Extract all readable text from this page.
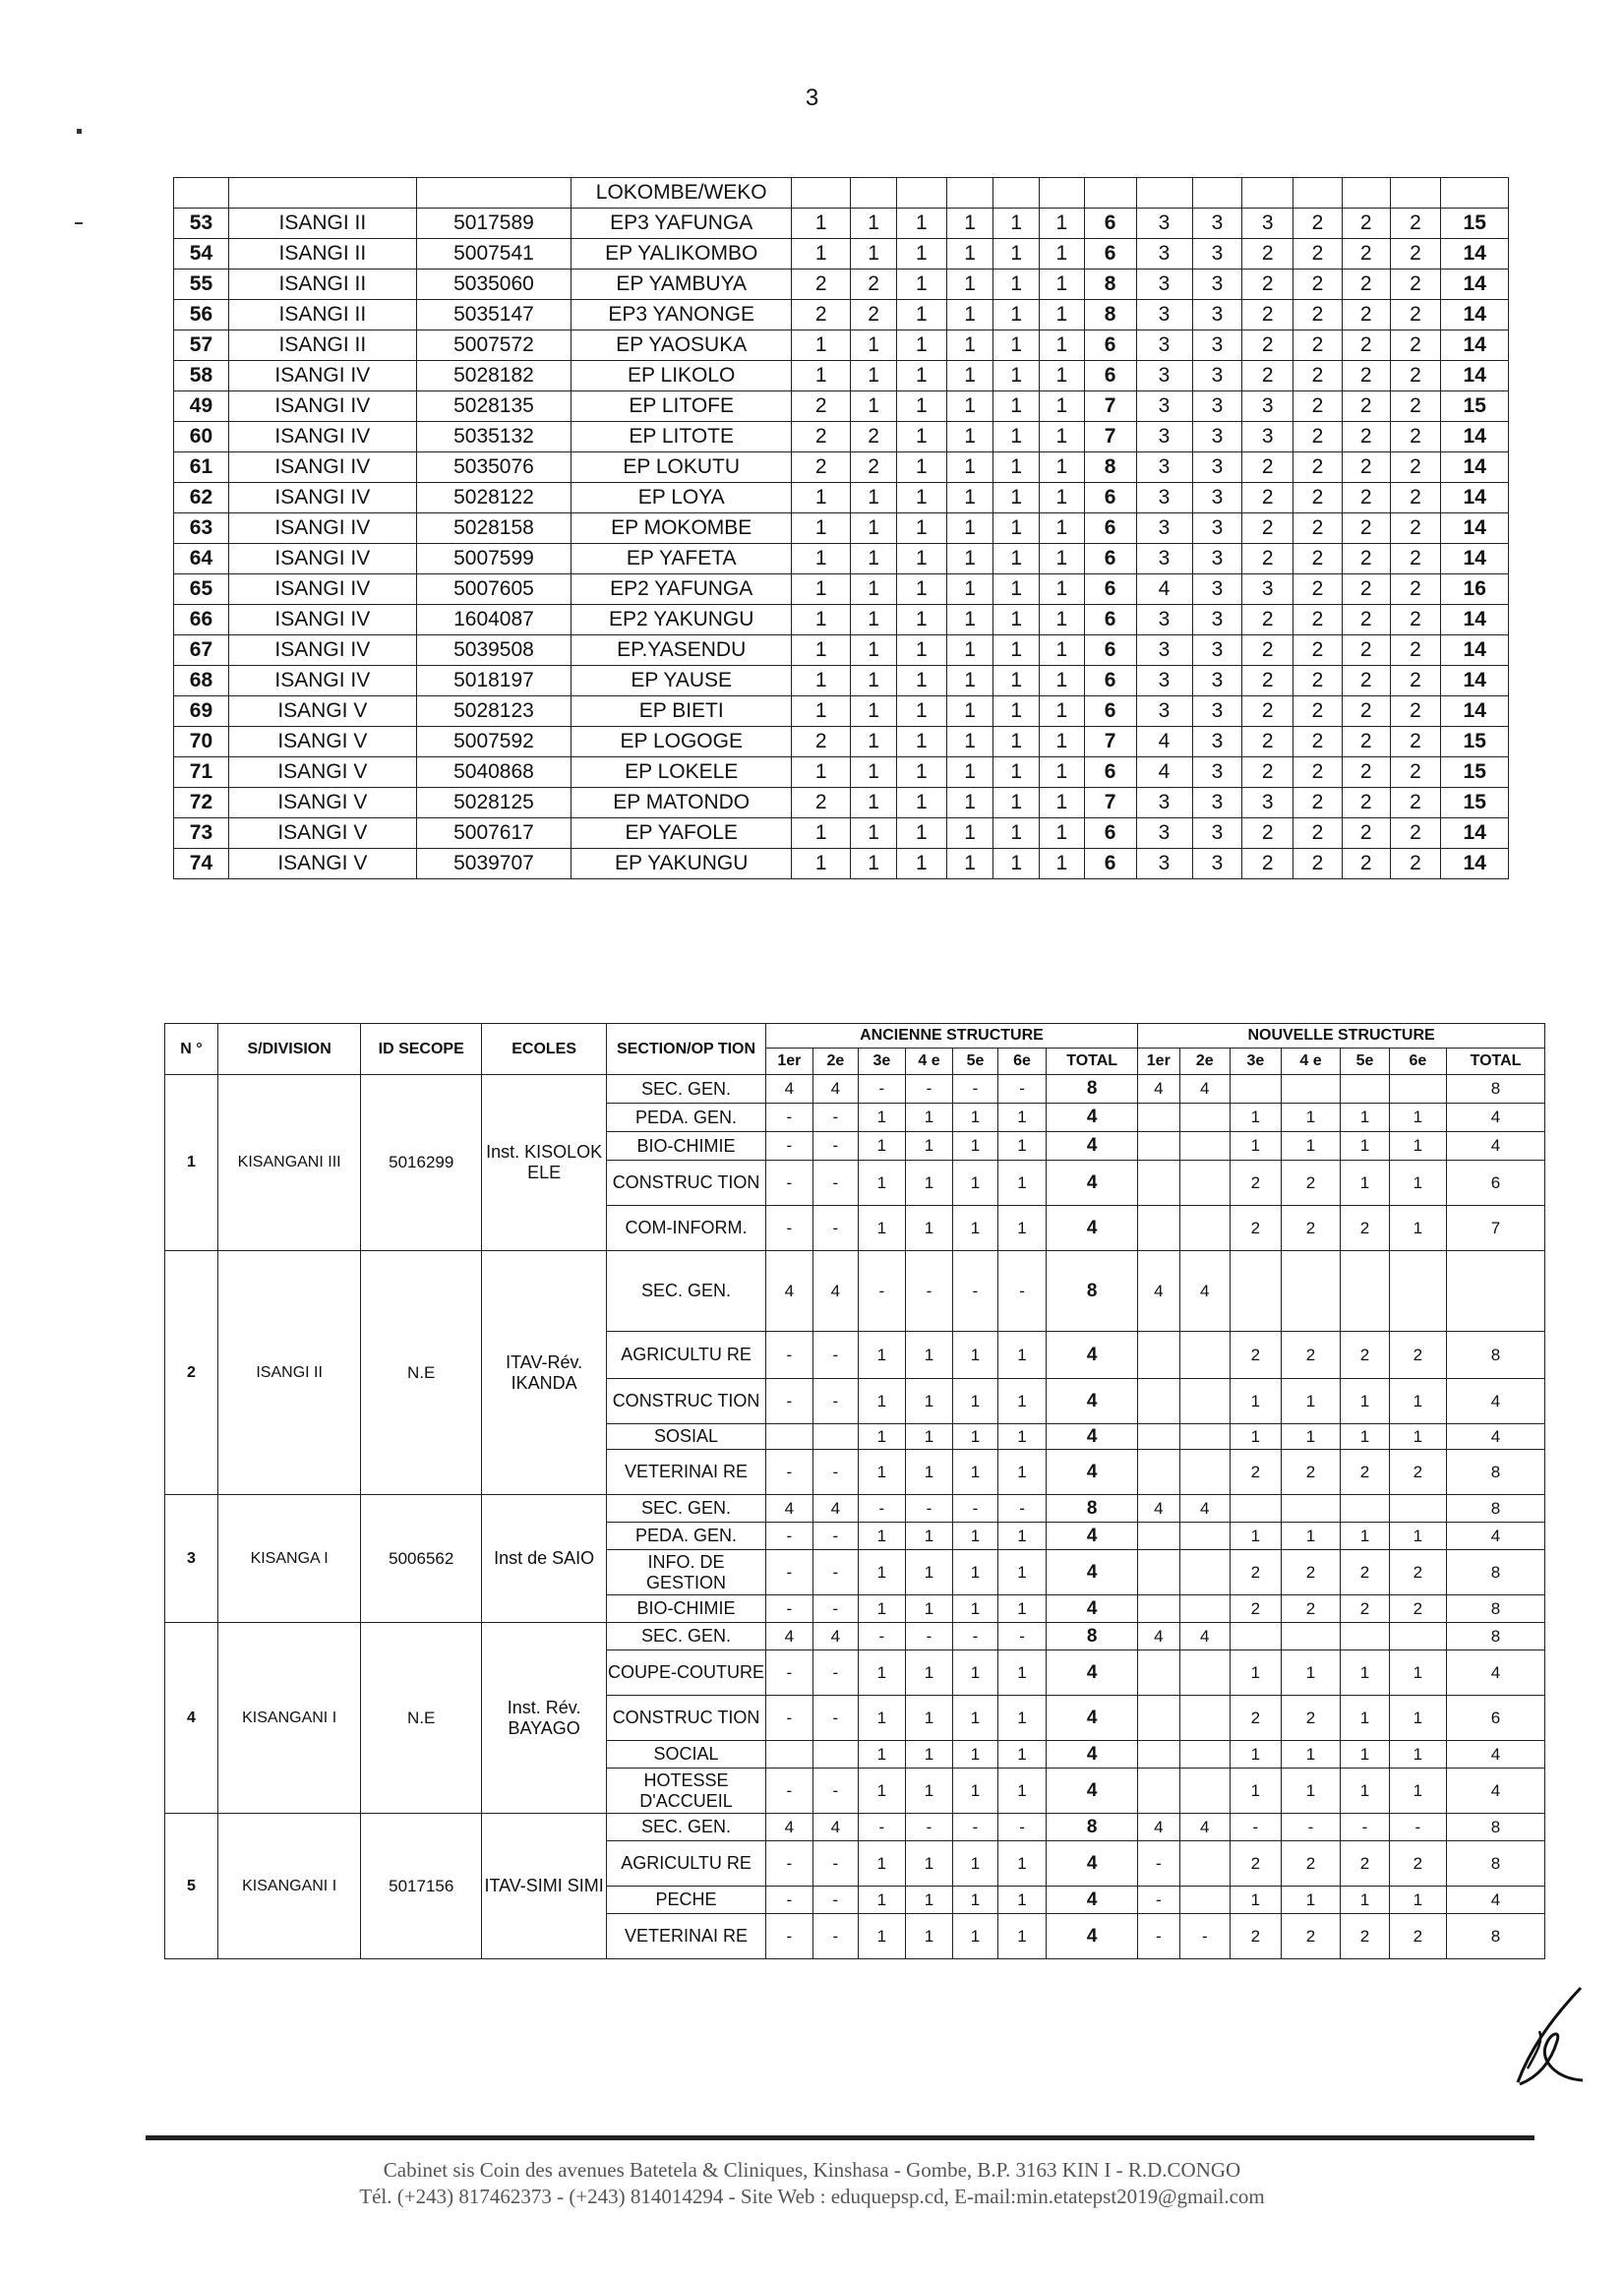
3
			LOKOMBE/WEKO														
53	ISANGI II	5017589	EP3 YAFUNGA	1	1	1	1	1	1	6	3	3	3	2	2	2	15
54	ISANGI II	5007541	EP YALIKOMBO	1	1	1	1	1	1	6	3	3	2	2	2	2	14
55	ISANGI II	5035060	EP YAMBUYA	2	2	1	1	1	1	8	3	3	2	2	2	2	14
56	ISANGI II	5035147	EP3 YANONGE	2	2	1	1	1	1	8	3	3	2	2	2	2	14
57	ISANGI II	5007572	EP YAOSUKA	1	1	1	1	1	1	6	3	3	2	2	2	2	14
58	ISANGI IV	5028182	EP LIKOLO	1	1	1	1	1	1	6	3	3	2	2	2	2	14
49	ISANGI IV	5028135	EP LITOFE	2	1	1	1	1	1	7	3	3	3	2	2	2	15
60	ISANGI IV	5035132	EP LITOTE	2	2	1	1	1	1	7	3	3	3	2	2	2	14
61	ISANGI IV	5035076	EP LOKUTU	2	2	1	1	1	1	8	3	3	2	2	2	2	14
62	ISANGI IV	5028122	EP LOYA	1	1	1	1	1	1	6	3	3	2	2	2	2	14
63	ISANGI IV	5028158	EP MOKOMBE	1	1	1	1	1	1	6	3	3	2	2	2	2	14
64	ISANGI IV	5007599	EP YAFETA	1	1	1	1	1	1	6	3	3	2	2	2	2	14
65	ISANGI IV	5007605	EP2 YAFUNGA	1	1	1	1	1	1	6	4	3	3	2	2	2	16
66	ISANGI IV	1604087	EP2 YAKUNGU	1	1	1	1	1	1	6	3	3	2	2	2	2	14
67	ISANGI IV	5039508	EP.YASENDU	1	1	1	1	1	1	6	3	3	2	2	2	2	14
68	ISANGI IV	5018197	EP YAUSE	1	1	1	1	1	1	6	3	3	2	2	2	2	14
69	ISANGI V	5028123	EP BIETI	1	1	1	1	1	1	6	3	3	2	2	2	2	14
70	ISANGI V	5007592	EP LOGOGE	2	1	1	1	1	1	7	4	3	2	2	2	2	15
71	ISANGI V	5040868	EP LOKELE	1	1	1	1	1	1	6	4	3	2	2	2	2	15
72	ISANGI V	5028125	EP MATONDO	2	1	1	1	1	1	7	3	3	3	2	2	2	15
73	ISANGI V	5007617	EP YAFOLE	1	1	1	1	1	1	6	3	3	2	2	2	2	14
74	ISANGI V	5039707	EP YAKUNGU	1	1	1	1	1	1	6	3	3	2	2	2	2	14
N °	S/DIVISION	ID SECOPE	ECOLES	SECTION/OP TION	ANCIENNE STRUCTURE							NOUVELLE STRUCTURE						
					1er	2e	3e	4 e	5e	6e	TOTAL	1er	2e	3e	4 e	5e	6e	TOTAL
1	KISANGANI III	5016299	Inst. KISOLOK ELE	SEC. GEN.	4	4	-	-	-	-	8	4	4					8
				PEDA. GEN.	-	-	1	1	1	1	4			1	1	1	1	4
				BIO-CHIMIE	-	-	1	1	1	1	4			1	1	1	1	4
				CONSTRUC TION	-	-	1	1	1	1	4			2	2	1	1	6
				COM-INFORM.	-	-	1	1	1	1	4			2	2	2	1	7
2	ISANGI II	N.E	ITAV-Rév. IKANDA	SEC. GEN.	4	4	-	-	-	-	8	4	4					
				AGRICULTU RE	-	-	1	1	1	1	4			2	2	2	2	8
				CONSTRUC TION	-	-	1	1	1	1	4			1	1	1	1	4
				SOSIAL			1	1	1	1	4			1	1	1	1	4
				VETERINAI RE	-	-	1	1	1	1	4			2	2	2	2	8
3	KISANGA I	5006562	Inst de SAIO	SEC. GEN.	4	4	-	-	-	-	8	4	4					8
				PEDA. GEN.	-	-	1	1	1	1	4			1	1	1	1	4
				INFO. DE GESTION	-	-	1	1	1	1	4			2	2	2	2	8
				BIO-CHIMIE	-	-	1	1	1	1	4			2	2	2	2	8
4	KISANGANI I	N.E	Inst. Rév. BAYAGO	SEC. GEN.	4	4	-	-	-	-	8	4	4					8
				COUPE-COUTURE	-	-	1	1	1	1	4			1	1	1	1	4
				CONSTRUC TION	-	-	1	1	1	1	4			2	2	1	1	6
				SOCIAL			1	1	1	1	4			1	1	1	1	4
				HOTESSE D'ACCUEIL	-	-	1	1	1	1	4			1	1	1	1	4
5	KISANGANI I	5017156	ITAV-SIMI SIMI	SEC. GEN.	4	4	-	-	-	-	8	4	4	-	-	-	-	8
				AGRICULTU RE	-	-	1	1	1	1	4	-		2	2	2	2	8
				PECHE	-	-	1	1	1	1	4	-		1	1	1	1	4
				VETERINAI RE	-	-	1	1	1	1	4	-	-	2	2	2	2	8
Cabinet sis Coin des avenues Batetela & Cliniques, Kinshasa - Gombe, B.P. 3163 KIN I - R.D.CONGO
Tél. (+243) 817462373 - (+243) 814014294 - Site Web : eduquepsp.cd, E-mail:min.etatepst2019@gmail.com
